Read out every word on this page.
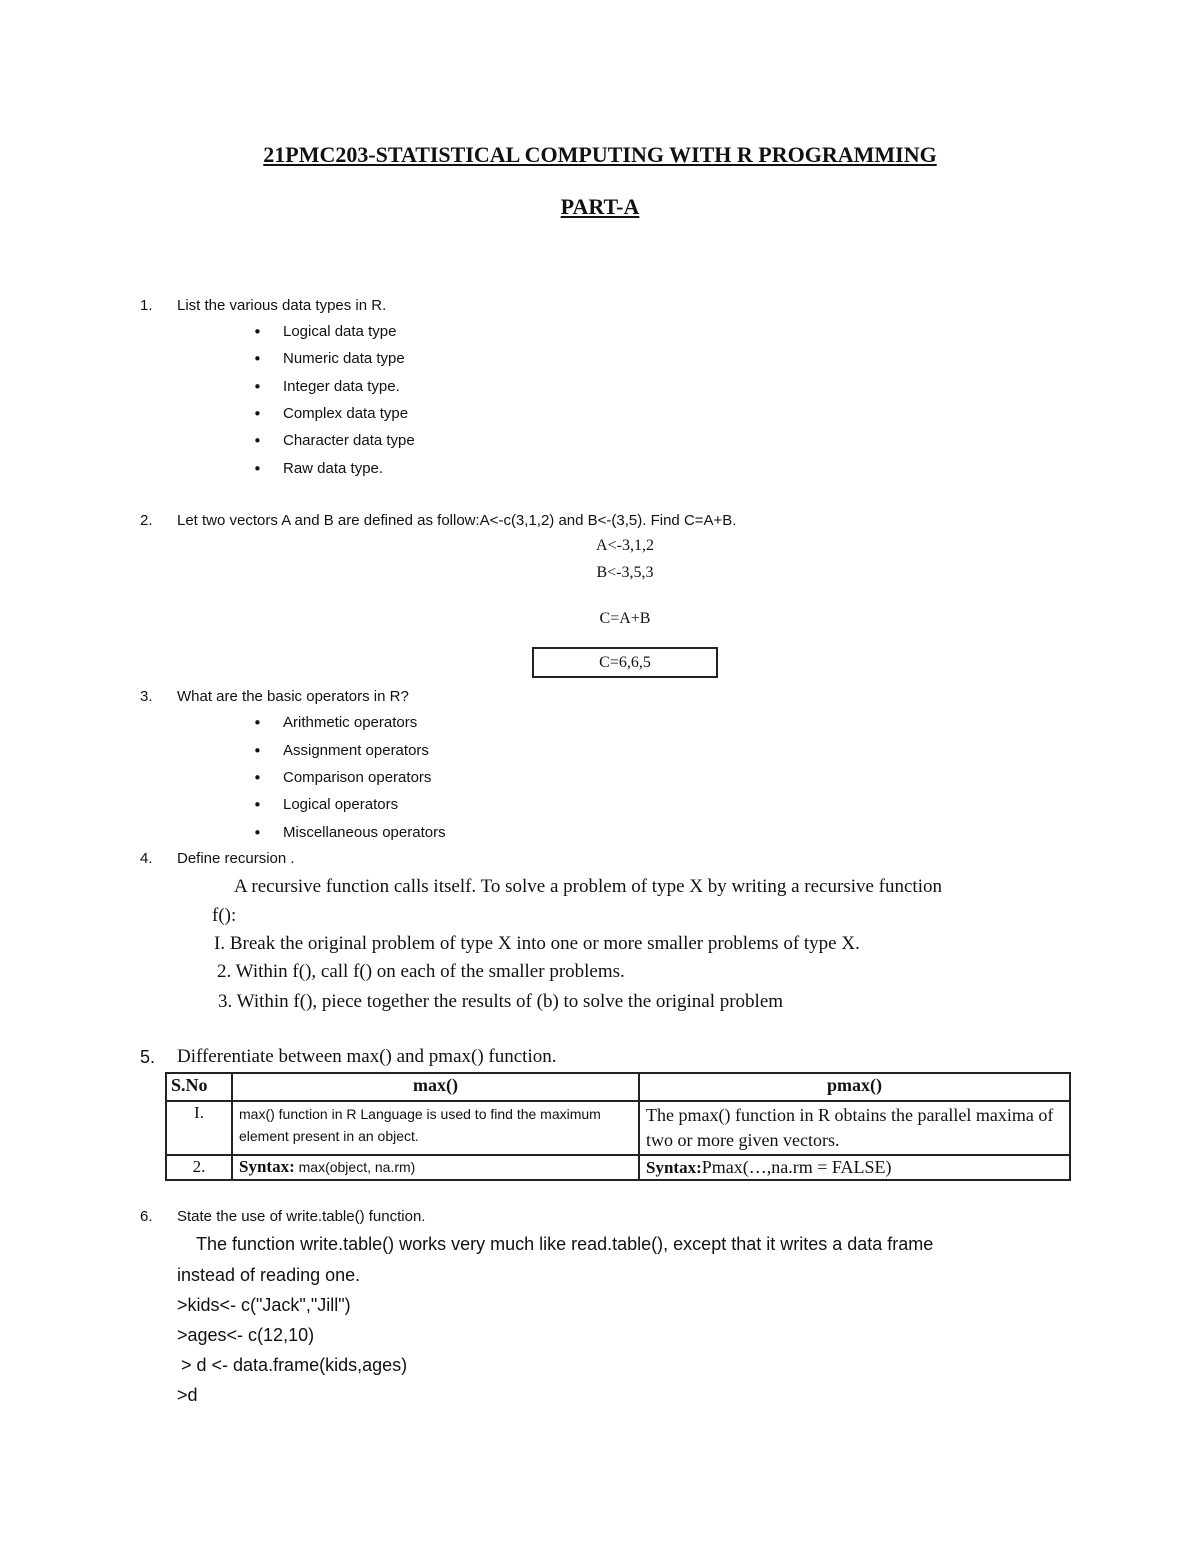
21PMC203-STATISTICAL COMPUTING WITH R PROGRAMMING
PART-A
1. List the various data types in R.
• Logical data type
• Numeric data type
• Integer data type.
• Complex data type
• Character data type
• Raw data type.
2. Let two vectors A and B are defined as follow:A<-c(3,1,2) and B<-(3,5). Find C=A+B.
A<-3,1,2
B<-3,5,3
C=A+B
C=6,6,5
3. What are the basic operators in R?
• Arithmetic operators
• Assignment operators
• Comparison operators
• Logical operators
• Miscellaneous operators
4. Define recursion .
A recursive function calls itself. To solve a problem of type X by writing a recursive function
f():
I. Break the original problem of type X into one or more smaller problems of type X.
2. Within f(), call f() on each of the smaller problems.
3. Within f(), piece together the results of (b) to solve the original problem
5. Differentiate between max() and pmax() function.
S.No	max()	pmax()
I.	max() function in R Language is used to find the maximum element present in an object.	The pmax() function in R obtains the parallel maxima of two or more given vectors.
2.	Syntax: max(object, na.rm)	Syntax:Pmax(…,na.rm = FALSE)
6. State the use of write.table() function.
The function write.table() works very much like read.table(), except that it writes a data frame
instead of reading one.
>kids<- c("Jack","Jill")
>ages<- c(12,10)
> d <- data.frame(kids,ages)
>d
